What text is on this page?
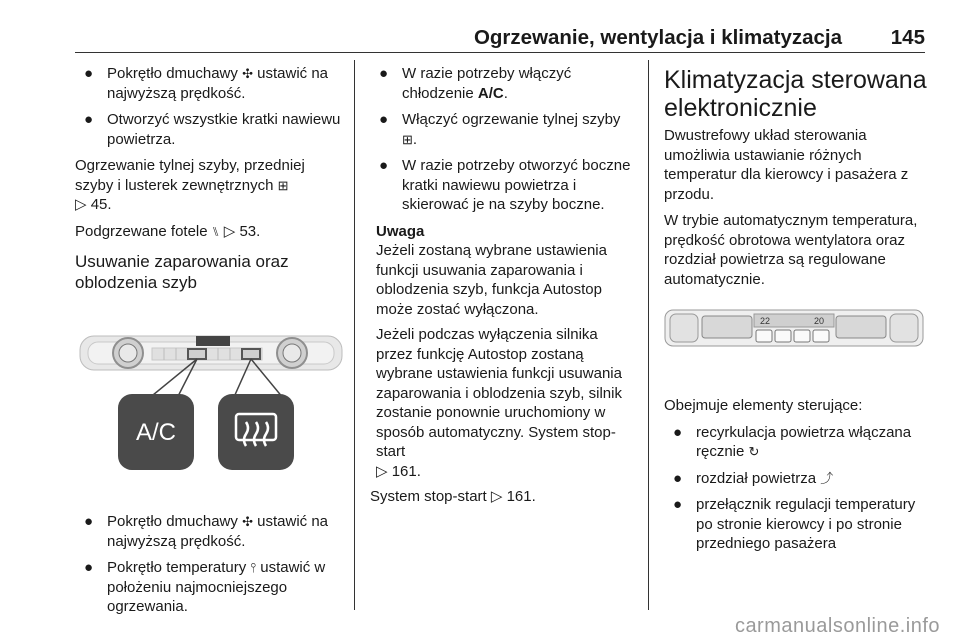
Ogrzewanie, wentylacja i klimatyzacja 145
● Pokrętło dmuchawy ✣ ustawić na najwyższą prędkość.
● Otworzyć wszystkie kratki nawiewu powietrza.

Ogrzewanie tylnej szyby, przedniej szyby i lusterek zewnętrznych ⊞
▷ 45.

Podgrzewane fotele ⑊ ▷ 53.

Usuwanie zaparowania oraz oblodzenia szyb
A/C
● Pokrętło dmuchawy ✣ ustawić na najwyższą prędkość.
● Pokrętło temperatury ⫯ ustawić w położeniu najmocniejszego ogrzewania.
● W razie potrzeby włączyć chłodzenie A/C.
● Włączyć ogrzewanie tylnej szyby
⊞.
● W razie potrzeby otworzyć boczne kratki nawiewu powietrza i skierować je na szyby boczne.

Uwaga

Jeżeli zostaną wybrane ustawienia funkcji usuwania zaparowania i oblodzenia szyb, funkcja Autostop może zostać wyłączona.

Jeżeli podczas wyłączenia silnika przez funkcję Autostop zostaną wybrane ustawienia funkcji usuwania zaparowania i oblodzenia szyb, silnik zostanie ponownie uruchomiony w sposób automatyczny. System stop-start
▷ 161.

System stop-start ▷ 161.

Klimatyzacja sterowana elektronicznie

Dwustrefowy układ sterowania umożliwia ustawianie różnych temperatur dla kierowcy i pasażera z przodu.

W trybie automatycznym temperatura, prędkość obrotowa wentylatora oraz rozdział powietrza są regulowane automatycznie.

22	20

Obejmuje elementy sterujące:

● recyrkulacja powietrza włączana ręcznie ↻
● rozdział powietrza ⤴
● przełącznik regulacji temperatury po stronie kierowcy i po stronie przedniego pasażera
carmanualsonline.info
